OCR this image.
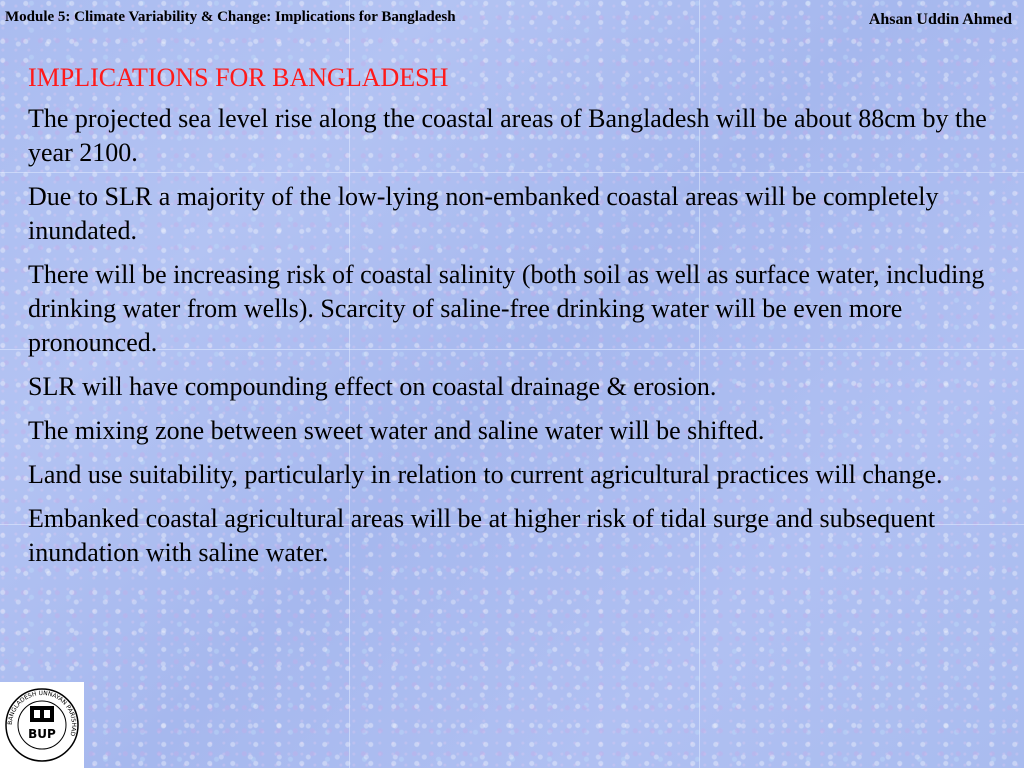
Module 5: Climate Variability & Change: Implications for Bangladesh	Ahsan Uddin Ahmed
IMPLICATIONS FOR BANGLADESH

The projected sea level rise along the coastal areas of Bangladesh will be about 88cm by the year 2100.

Due to SLR a majority of the low-lying non-embanked coastal areas will be completely inundated.

There will be increasing risk of coastal salinity (both soil as well as surface water, including drinking water from wells). Scarcity of saline-free drinking water will be even more pronounced.

SLR will have compounding effect on coastal drainage & erosion.

The mixing zone between sweet water and saline water will be shifted.

Land use suitability, particularly in relation to current agricultural practices will change.

Embanked coastal agricultural areas will be at higher risk of tidal surge and subsequent inundation with saline water.

BANGLADESH UNNAYAN PARISHAD
BUP
